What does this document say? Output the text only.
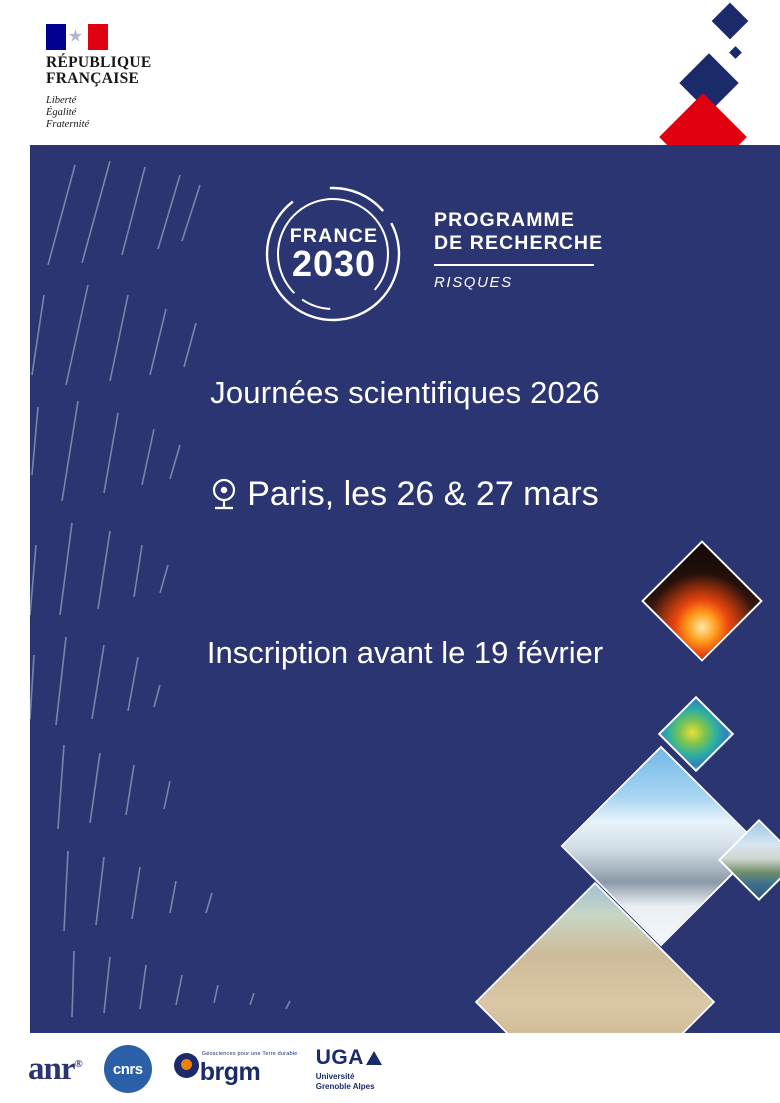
RÉPUBLIQUE
FRANÇAISE
Liberté
Égalité
Fraternité
FRANCE
2030
PROGRAMME
DE RECHERCHE
RISQUES
Journées scientifiques 2026
Paris, les 26 & 27 mars
Inscription avant le 19 février
anr® cnrs
Géosciences pour une Terre durable
brgm
UGA
Université
Grenoble Alpes
